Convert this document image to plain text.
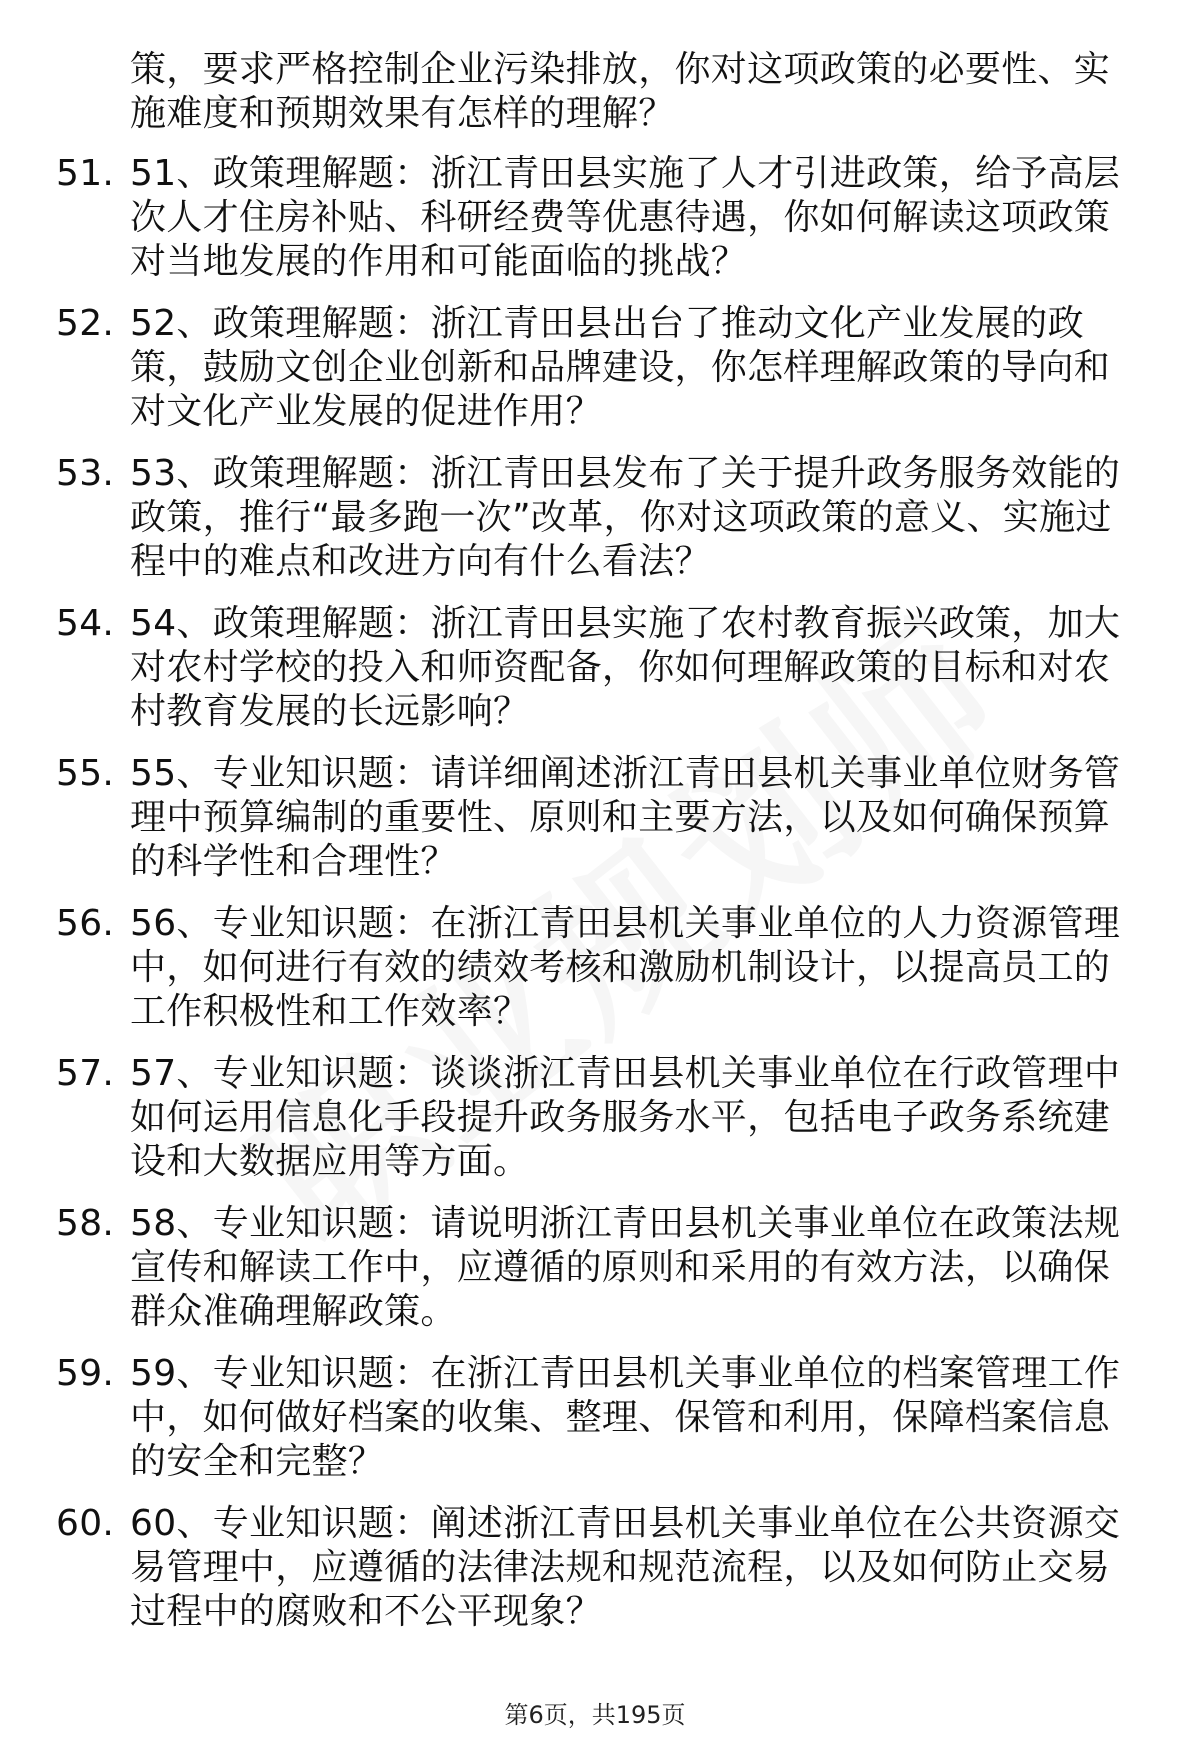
策，要求严格控制企业污染排放，你对这项政策的必要性、实施难度和预期效果有怎样的理解？
51. 51、政策理解题：浙江青田县实施了人才引进政策，给予高层次人才住房补贴、科研经费等优惠待遇，你如何解读这项政策对当地发展的作用和可能面临的挑战？
52. 52、政策理解题：浙江青田县出台了推动文化产业发展的政策，鼓励文创企业创新和品牌建设，你怎样理解政策的导向和对文化产业发展的促进作用？
53. 53、政策理解题：浙江青田县发布了关于提升政务服务效能的政策，推行“最多跑一次”改革，你对这项政策的意义、实施过程中的难点和改进方向有什么看法？
54. 54、政策理解题：浙江青田县实施了农村教育振兴政策，加大对农村学校的投入和师资配备，你如何理解政策的目标和对农村教育发展的长远影响？
55. 55、专业知识题：请详细阐述浙江青田县机关事业单位财务管理中预算编制的重要性、原则和主要方法，以及如何确保预算的科学性和合理性？
56. 56、专业知识题：在浙江青田县机关事业单位的人力资源管理中，如何进行有效的绩效考核和激励机制设计，以提高员工的工作积极性和工作效率？
57. 57、专业知识题：谈谈浙江青田县机关事业单位在行政管理中如何运用信息化手段提升政务服务水平，包括电子政务系统建设和大数据应用等方面。
58. 58、专业知识题：请说明浙江青田县机关事业单位在政策法规宣传和解读工作中，应遵循的原则和采用的有效方法，以确保群众准确理解政策。
59. 59、专业知识题：在浙江青田县机关事业单位的档案管理工作中，如何做好档案的收集、整理、保管和利用，保障档案信息的安全和完整？
60. 60、专业知识题：阐述浙江青田县机关事业单位在公共资源交易管理中，应遵循的法律法规和规范流程，以及如何防止交易过程中的腐败和不公平现象？
第6页，共195页
